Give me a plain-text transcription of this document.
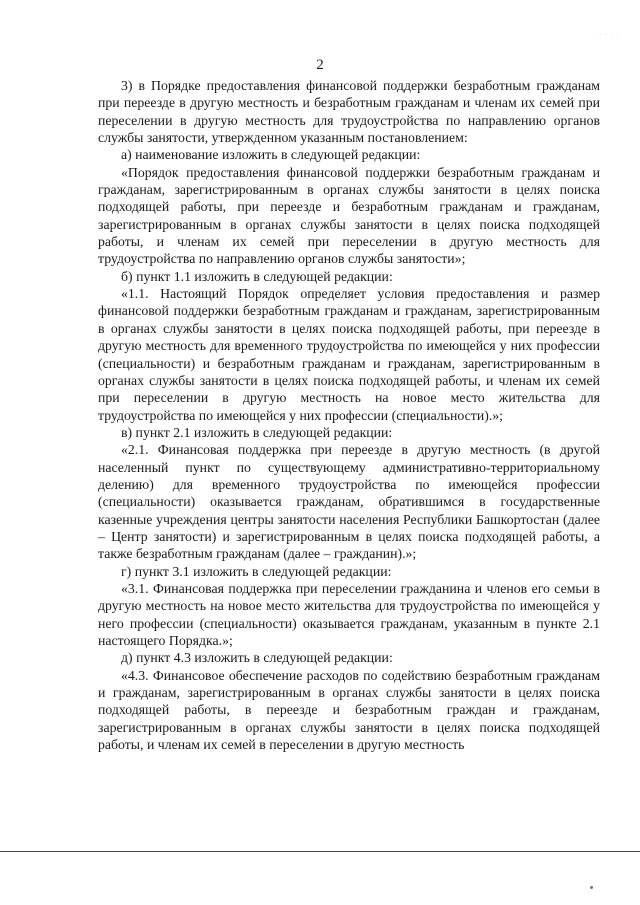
· · · · ·
2

3) в Порядке предоставления финансовой поддержки безработным гражданам при переезде в другую местность и безработным гражданам и членам их семей при переселении в другую местность для трудоустройства по направлению органов службы занятости, утвержденном указанным постановлением:

а) наименование изложить в следующей редакции:

«Порядок предоставления финансовой поддержки безработным гражданам и гражданам, зарегистрированным в органах службы занятости в целях поиска подходящей работы, при переезде и безработным гражданам и гражданам, зарегистрированным в органах службы занятости в целях поиска подходящей работы, и членам их семей при переселении в другую местность для трудоустройства по направлению органов службы занятости»;

б) пункт 1.1 изложить в следующей редакции:

«1.1. Настоящий Порядок определяет условия предоставления и размер финансовой поддержки безработным гражданам и гражданам, зарегистрированным в органах службы занятости в целях поиска подходящей работы, при переезде в другую местность для временного трудоустройства по имеющейся у них профессии (специальности) и безработным гражданам и гражданам, зарегистрированным в органах службы занятости в целях поиска подходящей работы, и членам их семей при переселении в другую местность на новое место жительства для трудоустройства по имеющейся у них профессии (специальности).»;

в) пункт 2.1 изложить в следующей редакции:

«2.1. Финансовая поддержка при переезде в другую местность (в другой населенный пункт по существующему административно-территориальному делению) для временного трудоустройства по имеющейся профессии (специальности) оказывается гражданам, обратившимся в государственные казенные учреждения центры занятости населения Республики Башкортостан (далее – Центр занятости) и зарегистрированным в целях поиска подходящей работы, а также безработным гражданам (далее – гражданин).»;

г) пункт 3.1 изложить в следующей редакции:

«3.1. Финансовая поддержка при переселении гражданина и членов его семьи в другую местность на новое место жительства для трудоустройства по имеющейся у него профессии (специальности) оказывается гражданам, указанным в пункте 2.1 настоящего Порядка.»;

д) пункт 4.3 изложить в следующей редакции:

«4.3. Финансовое обеспечение расходов по содействию безработным гражданам и гражданам, зарегистрированным в органах службы занятости в целях поиска подходящей работы, в переезде и безработным граждан и гражданам, зарегистрированным в органах службы занятости в целях поиска подходящей работы, и членам их семей в переселении в другую местность
